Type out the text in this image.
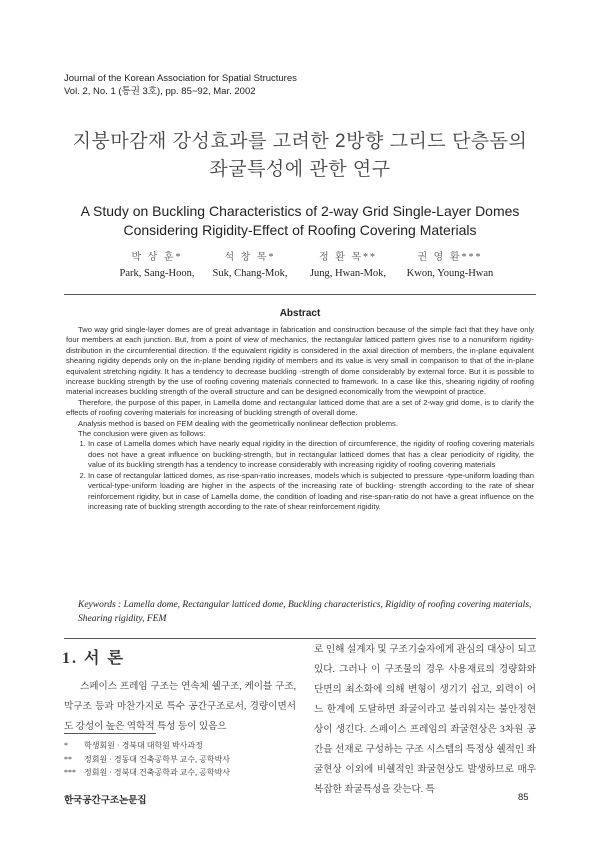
Journal of the Korean Association for Spatial Structures
Vol. 2, No. 1 (통권 3호), pp. 85~92, Mar. 2002
지붕마감재 강성효과를 고려한 2방향 그리드 단층돔의
좌굴특성에 관한 연구
A Study on Buckling Characteristics of 2-way Grid Single-Layer Domes
Considering Rigidity-Effect of Roofing Covering Materials
박 상 훈*
Park, Sang-Hoon,
석 창 목*
Suk, Chang-Mok,
정 환 목**
Jung, Hwan-Mok,
권 영 환***
Kwon, Young-Hwan
Abstract

Two way grid single-layer domes are of great advantage in fabrication and construction because of the simple fact that they have only four members at each junction. But, from a point of view of mechanics, the rectangular latticed pattern gives rise to a nonuniform rigidity-distribution in the circumferential direction. If the equivalent rigidity is considered in the axial direction of members, the in-plane equivalent shearing rigidity depends only on the in-plane bending rigidity of members and its value is very small in comparison to that of the in-plane equivalent stretching rigidity. It has a tendency to decrease buckling -strength of dome considerably by external force. But it is possible to increase buckling strength by the use of roofing covering materials connected to framework. In a case like this, shearing rigidity of roofing material increases buckling strength of the overall structure and can be designed economically from the viewpoint of practice.

Therefore, the purpose of this paper, in Lamella dome and rectangular latticed dome that are a set of 2-way grid dome, is to clarify the effects of roofing covering materials for increasing of buckling strength of overall dome.

Analysis method is based on FEM dealing with the geometrically nonlinear deflection problems.

The conclusion were given as follows:

1. In case of Lamella domes which have nearly equal rigidity in the direction of circumference, the rigidity of roofing covering materials does not have a great influence on buckling-strength, but in rectangular latticed domes that has a clear periodicity of rigidity, the value of its buckling strength has a tendency to increase considerably with increasing rigidity of roofing covering materials
2. In case of rectangular latticed domes, as rise-span-ratio increases, models which is subjected to pressure -type-uniform loading than vertical-type-uniform loading are higher in the aspects of the increasing rate of buckling- strength according to the rate of shear reinforcement rigidity, but in case of Lamella dome, the condition of loading and rise-span-ratio do not have a great influence on the increasing rate of buckling strength according to the rate of shear reinforcement rigidity.
Keywords : Lamella dome, Rectangular latticed dome, Buckling characteristics, Rigidity of roofing covering materials, Shearing rigidity, FEM
1. 서 론

스페이스 프레임 구조는 연속체 쉘구조, 케이블 구조, 막구조 등과 마찬가지로 특수 공간구조로서, 경량이면서도 강성이 높은 역학적 특성 등이 있음으

* 학생회원 · 경북대 대학원 박사과정
** 정회원 · 경동대 건축공학부 교수, 공학박사
*** 정회원 · 경북대 건축공학과 교수, 공학박사

로 인해 설계자 및 구조기술자에게 관심의 대상이 되고 있다. 그러나 이 구조물의 경우 사용재료의 경량화와 단면의 최소화에 의해 변형이 생기기 쉽고, 외력이 어느 한계에 도달하면 좌굴이라고 불리워지는 불안정현상이 생긴다. 스페이스 프레임의 좌굴현상은 3차원 공간을 선재로 구성하는 구조 시스템의 특정상 쉘적인 좌굴현상 이외에 비쉘적인 좌굴현상도 발생하므로 매우 복잡한 좌굴특성을 갖는다. 특

한국공간구조논문집	85
